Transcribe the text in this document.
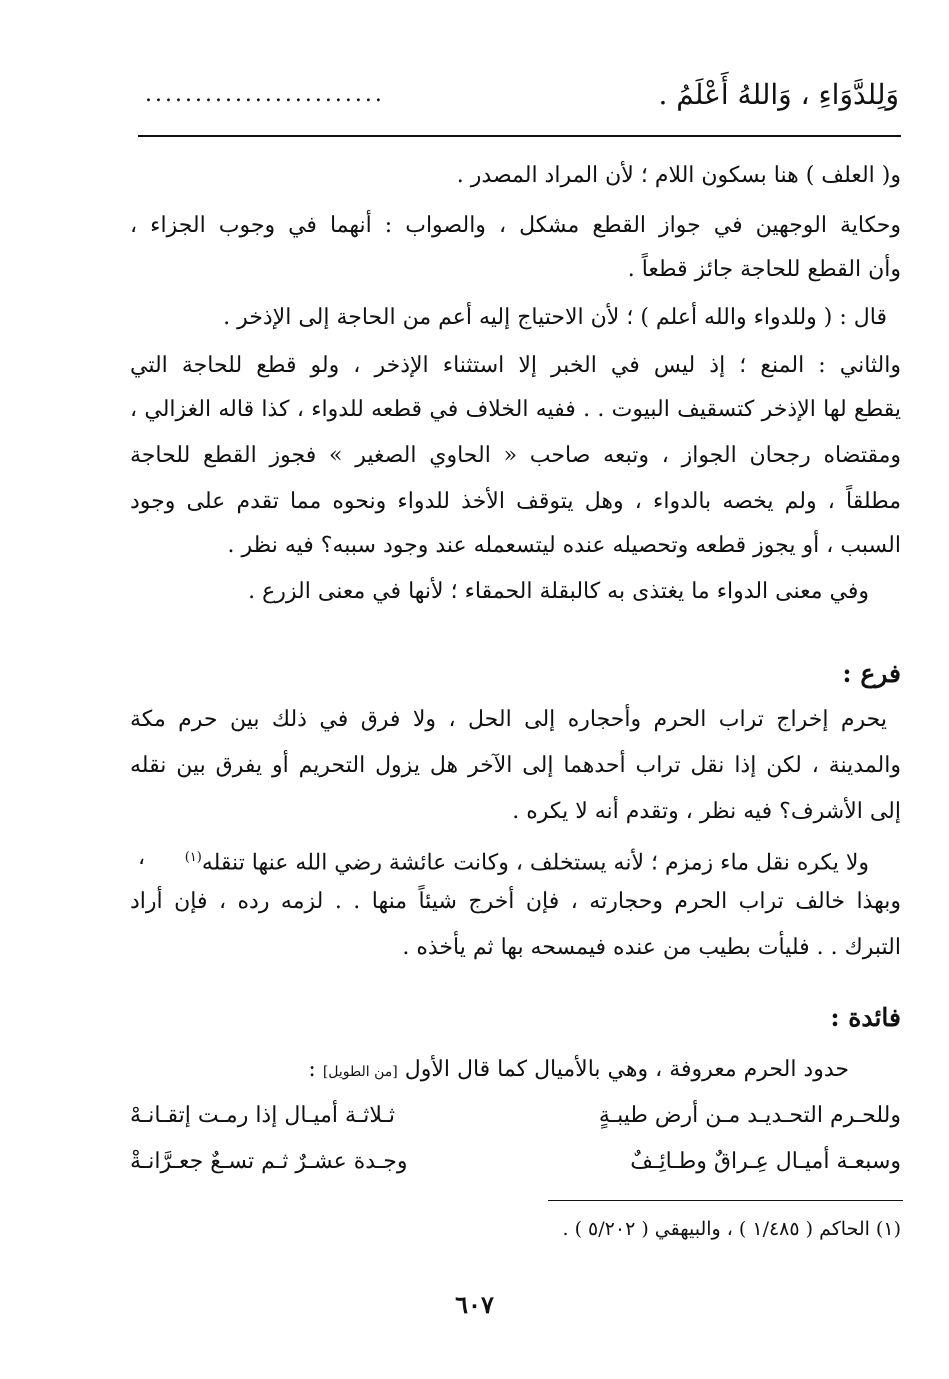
وَلِلدَّوَاءِ ، وَاللهُ أَعْلَمُ .
........................
و( العلف ) هنا بسكون اللام ؛ لأن المراد المصدر .
وحكاية الوجهين في جواز القطع مشكل ، والصواب : أنهما في وجوب الجزاء ،
وأن القطع للحاجة جائز قطعاً .
قال : ( وللدواء والله أعلم ) ؛ لأن الاحتياج إليه أعم من الحاجة إلى الإذخر .
والثاني : المنع ؛ إذ ليس في الخبر إلا استثناء الإذخر ، ولو قطع للحاجة التي
يقطع لها الإذخر كتسقيف البيوت . . ففيه الخلاف في قطعه للدواء ، كذا قاله الغزالي ،
ومقتضاه رجحان الجواز ، وتبعه صاحب « الحاوي الصغير » فجوز القطع للحاجة
مطلقاً ، ولم يخصه بالدواء ، وهل يتوقف الأخذ للدواء ونحوه مما تقدم على وجود
السبب ، أو يجوز قطعه وتحصيله عنده ليتسعمله عند وجود سببه؟ فيه نظر .
وفي معنى الدواء ما يغتذى به كالبقلة الحمقاء ؛ لأنها في معنى الزرع .
فرع :
يحرم إخراج تراب الحرم وأحجاره إلى الحل ، ولا فرق في ذلك بين حرم مكة
والمدينة ، لكن إذا نقل تراب أحدهما إلى الآخر هل يزول التحريم أو يفرق بين نقله
إلى الأشرف؟ فيه نظر ، وتقدم أنه لا يكره .
ولا يكره نقل ماء زمزم ؛ لأنه يستخلف ، وكانت عائشة رضي الله عنها تنقله$^{(١)}$
،
وبهذا خالف تراب الحرم وحجارته ، فإن أخرج شيئاً منها . . لزمه رده ، فإن أراد
التبرك . . فليأت بطيب من عنده فيمسحه بها ثم يأخذه .
فائدة :
حدود الحرم معروفة ، وهي بالأميال كما قال الأول [من الطويل] :
وللحـرم التحـديـد مـن أرض طيبـةٍ
ثـلاثـة أميـال إذا رمـت إتقـانـهْ
وسبعـة أميـال عِـراقٌ وطـائِـفٌ
وجـدة عشـرٌ ثـم تسـعٌ جعـرَّانـةْ
(١) الحاكم ( ١/٤٨٥ ) ، والبيهقي ( ٥/٢٠٢ ) .
٦٠٧
